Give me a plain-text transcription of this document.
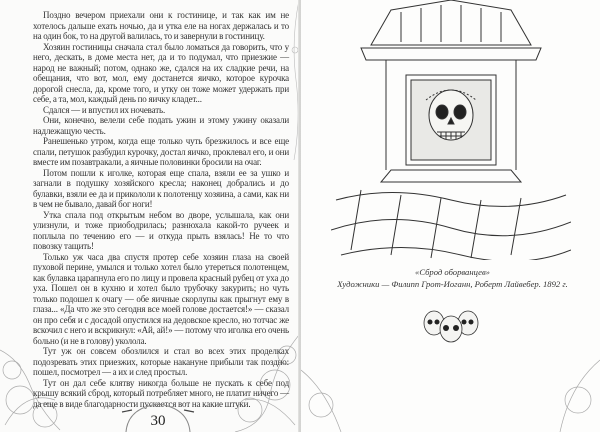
Поздно вечером приехали они к гостинице, и так как им не хотелось дальше ехать ночью, да и утка еле на ногах держалась и то на один бок, то на другой валилась, то и завернули в гостиницу.

Хозяин гостиницы сначала стал было ломаться да говорить, что у него, дескать, в доме места нет, да и то подумал, что приезжие — народ не важный; потом, однако же, сдался на их сладкие речи, на обещания, что вот, мол, ему достанется яичко, которое курочка дорогой снесла, да, кроме того, и утку он тоже может удержать при себе, а та, мол, каждый день по яичку кладет...

Сдался — и впустил их ночевать.

Они, конечно, велели себе подать ужин и этому ужину оказали надлежащую честь.

Ранешенько утром, когда еще только чуть брезжилось и все еще спали, петушок разбудил курочку, достал яичко, проклевал его, и они вместе им позавтракали, а яичные половинки бросили на очаг.

Потом пошли к иголке, которая еще спала, взяли ее за ушко и загнали в подушку хозяйского кресла; наконец добрались и до булавки, взяли ее да и прикололи к полотенцу хозяина, а сами, как ни в чем не бывало, давай бог ноги!

Утка спала под открытым небом во дворе, услышала, как они улизнули, и тоже приободрилась; разнюхала какой-то ручеек и поплыла по течению его — и откуда прыть взялась! Не то что повозку тащить!

Только уж часа два спустя протер себе хозяин глаза на своей пуховой перине, умылся и только хотел было утереться полотенцем, как булавка царапнула его по лицу и провела красный рубец от уха до уха. Пошел он в кухню и хотел было трубочку закурить; но чуть только подошел к очагу — обе яичные скорлупы как прыгнут ему в глаза... «Да что же это сегодня все моей голове достается!» — сказал он про себя и с досадой опустился на дедовское кресло, но тотчас же вскочил с него и вскрикнул: «Ай, ай!» — потому что иголка его очень больно (и не в голову) уколола.

Тут уж он совсем обозлился и стал во всех этих проделках подозревать этих приезжих, которые накануне прибыли так поздно: пошел, посмотрел — а их и след простыл.

Тут он дал себе клятву никогда больше не пускать к себе под крышу всякий сброд, который потребляет много, не платит ничего — да еще в виде благодарности пускается вот на какие штуки.

30
«Сброд оборванцев»
Художники — Филипп Грот-Иоганн, Роберт Лайвебер. 1892 г.
